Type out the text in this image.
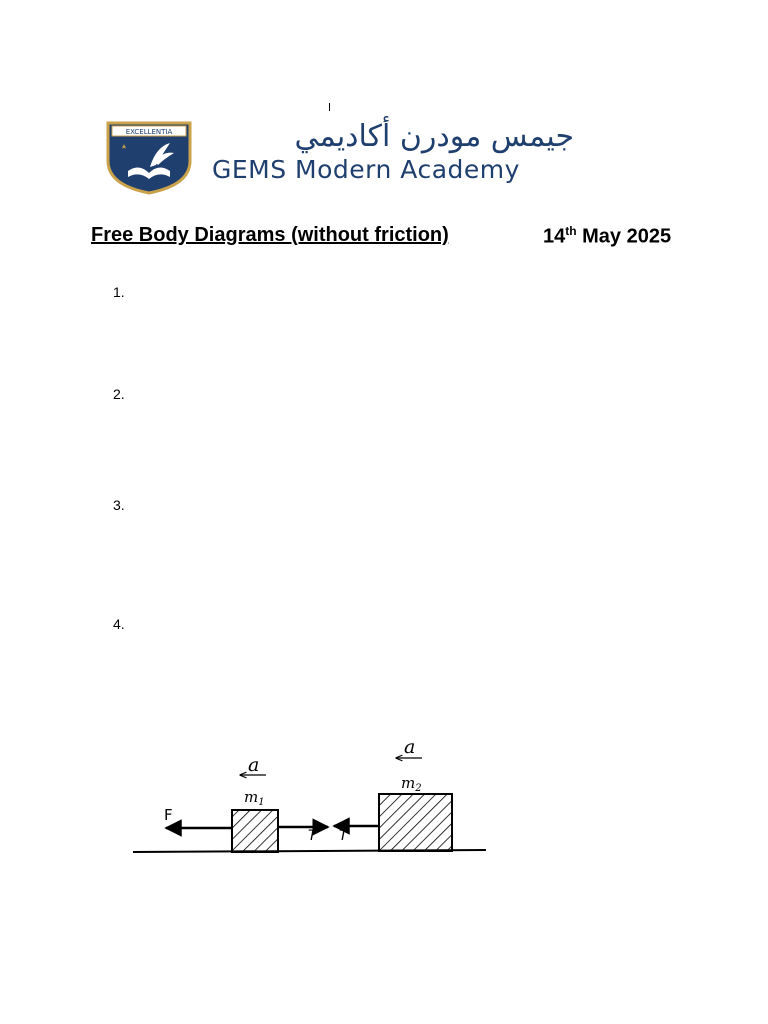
EXCELLENTIA	جيمس مودرن أكاديمي
GEMS Modern Academy
Free Body Diagrams (without friction)	14th May 2025
1.
2.
3.
4.
F
T T
a
a
$m_1$
$m_2$
